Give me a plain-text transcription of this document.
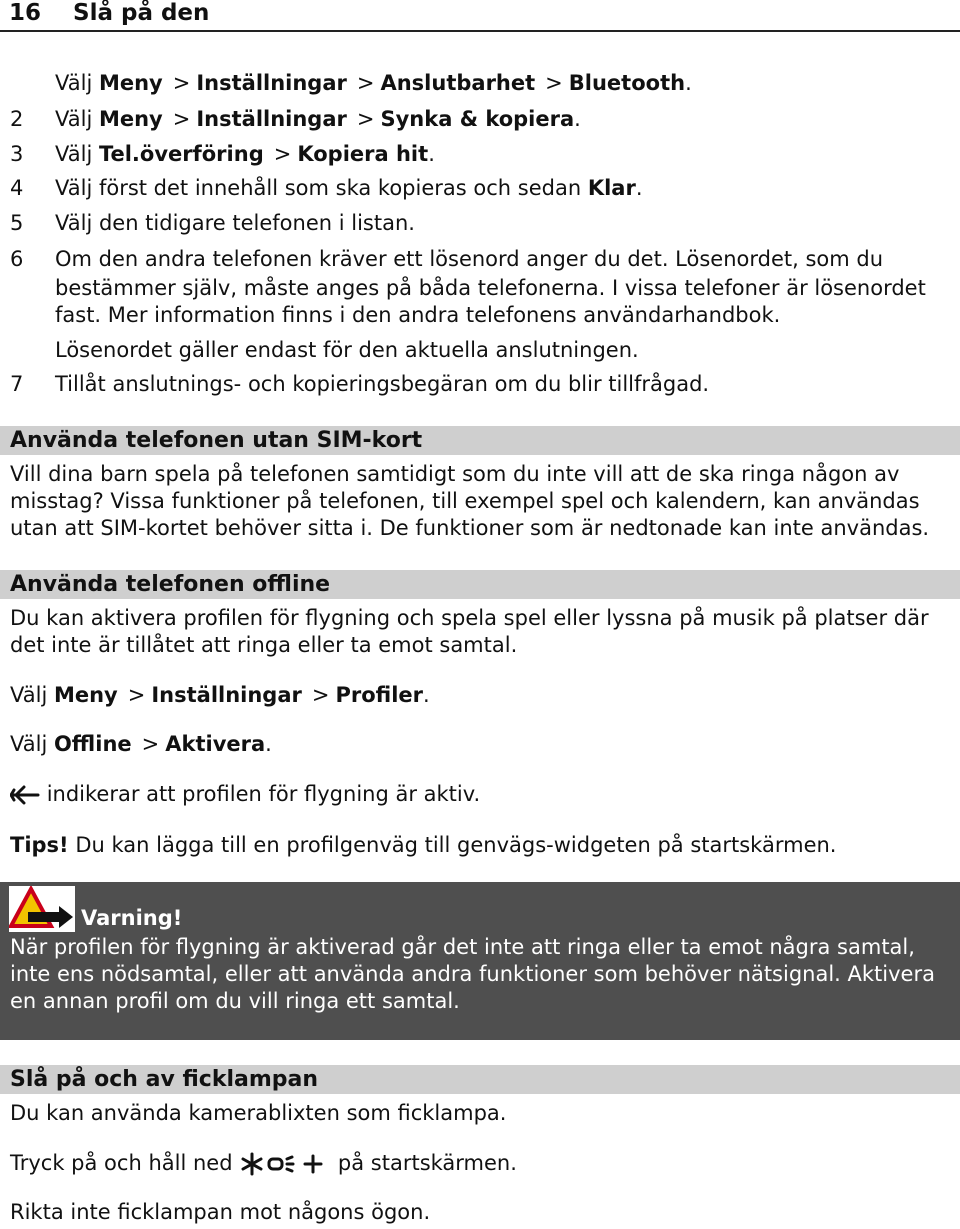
16 Slå på den
Välj Meny > Inställningar > Anslutbarhet > Bluetooth.
2 Välj Meny > Inställningar > Synka & kopiera.
3 Välj Tel.överföring > Kopiera hit.
4 Välj först det innehåll som ska kopieras och sedan Klar.
5 Välj den tidigare telefonen i listan.
6 Om den andra telefonen kräver ett lösenord anger du det. Lösenordet, som du
bestämmer själv, måste anges på båda telefonerna. I vissa telefoner är lösenordet
fast. Mer information finns i den andra telefonens användarhandbok.
Lösenordet gäller endast för den aktuella anslutningen.
7 Tillåt anslutnings- och kopieringsbegäran om du blir tillfrågad.
Använda telefonen utan SIM-kort
Vill dina barn spela på telefonen samtidigt som du inte vill att de ska ringa någon av misstag? Vissa funktioner på telefonen, till exempel spel och kalendern, kan användas utan att SIM-kortet behöver sitta i. De funktioner som är nedtonade kan inte användas.
Använda telefonen offline
Du kan aktivera profilen för flygning och spela spel eller lyssna på musik på platser där det inte är tillåtet att ringa eller ta emot samtal.
Välj Meny > Inställningar > Profiler.
Välj Offline > Aktivera.
indikerar att profilen för flygning är aktiv.
Tips! Du kan lägga till en profilgenväg till genvägs-widgeten på startskärmen.
Varning!
När profilen för flygning är aktiverad går det inte att ringa eller ta emot några samtal, inte ens nödsamtal, eller att använda andra funktioner som behöver nätsignal. Aktivera en annan profil om du vill ringa ett samtal.
Slå på och av ficklampan
Du kan använda kamerablixten som ficklampa.
Tryck på och håll ned	på startskärmen.
Rikta inte ficklampan mot någons ögon.
